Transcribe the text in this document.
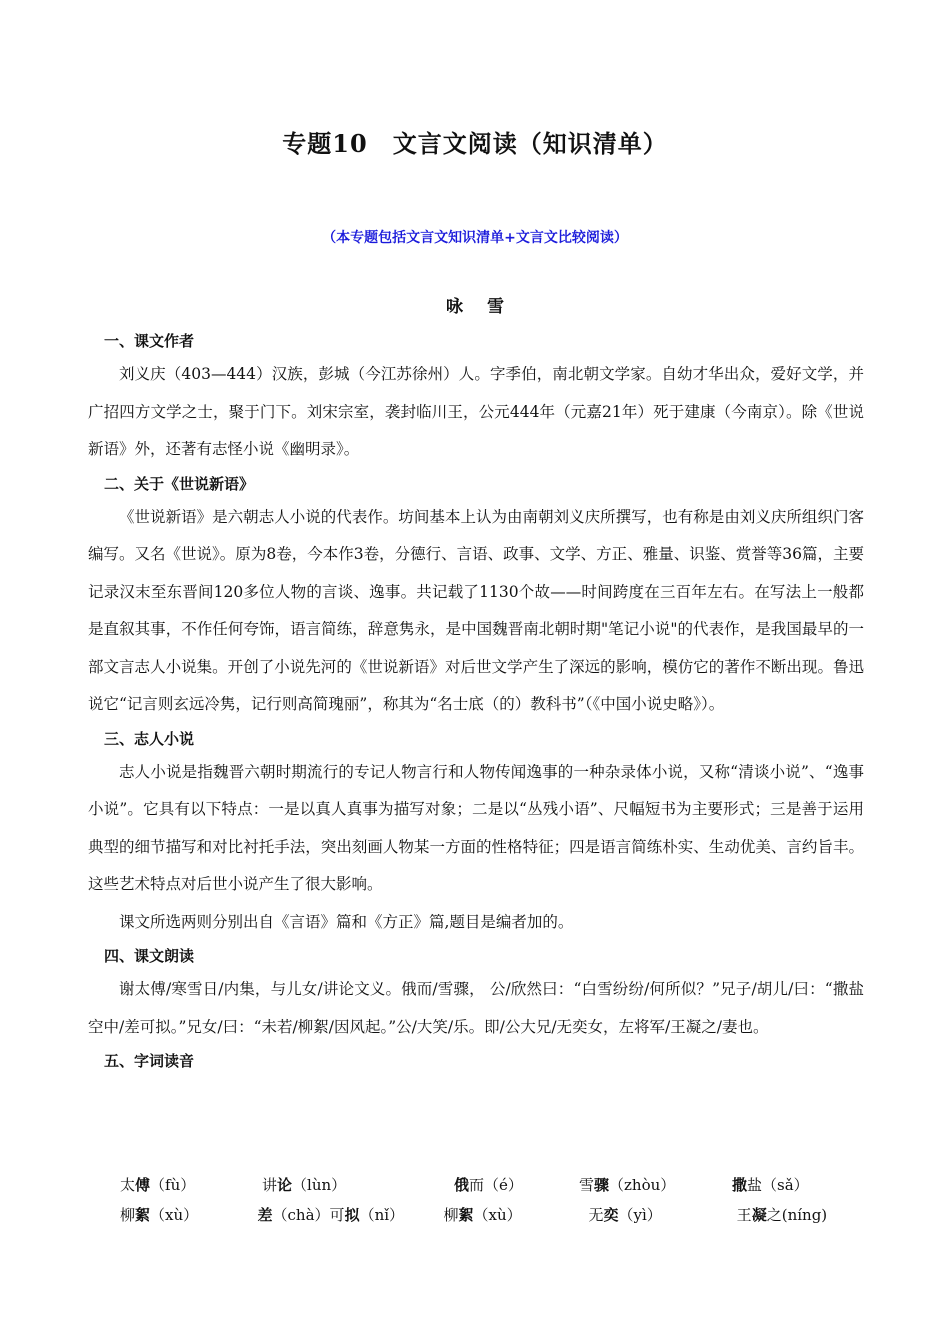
专题10　文言文阅读（知识清单）
（本专题包括文言文知识清单+文言文比较阅读）
咏 雪
一、课文作者

刘义庆（403—444）汉族，彭城（今江苏徐州）人。字季伯，南北朝文学家。自幼才华出众，爱好文学，并广招四方文学之士，聚于门下。刘宋宗室，袭封临川王，公元444年（元嘉21年）死于建康（今南京）。除《世说新语》外，还著有志怪小说《幽明录》。

二、关于《世说新语》

《世说新语》是六朝志人小说的代表作。坊间基本上认为由南朝刘义庆所撰写，也有称是由刘义庆所组织门客编写。又名《世说》。原为8卷，今本作3卷，分德行、言语、政事、文学、方正、雅量、识鉴、赏誉等36篇，主要记录汉末至东晋间120多位人物的言谈、逸事。共记载了1130个故——时间跨度在三百年左右。在写法上一般都是直叙其事，不作任何夸饰，语言简练，辞意隽永，是中国魏晋南北朝时期"笔记小说"的代表作，是我国最早的一部文言志人小说集。开创了小说先河的《世说新语》对后世文学产生了深远的影响，模仿它的著作不断出现。鲁迅说它“记言则玄远冷隽，记行则高简瑰丽”，称其为“名士底（的）教科书”（《中国小说史略》）。

三、志人小说

志人小说是指魏晋六朝时期流行的专记人物言行和人物传闻逸事的一种杂录体小说，又称“清谈小说”、“逸事小说”。它具有以下特点：一是以真人真事为描写对象；二是以“丛残小语”、尺幅短书为主要形式；三是善于运用典型的细节描写和对比衬托手法，突出刻画人物某一方面的性格特征；四是语言简练朴实、生动优美、言约旨丰。这些艺术特点对后世小说产生了很大影响。

课文所选两则分别出自《言语》篇和《方正》篇,题目是编者加的。

四、课文朗读

谢太傅/寒雪日/内集，与儿女/讲论文义。俄而/雪骤， 公/欣然曰：“白雪纷纷/何所似？”兄子/胡儿/曰：“撒盐空中/差可拟。”兄女/曰：“未若/柳絮/因风起。”公/大笑/乐。即/公大兄/无奕女，左将军/王凝之/妻也。

五、字词读音
太傅（fù）	讲论（lùn）	俄而（é）	雪骤（zhòu）	撒盐（sǎ）
柳絮（xù）	差（chà）可拟（nǐ）	柳絮（xù）	无奕（yì）	王凝之(níng)
